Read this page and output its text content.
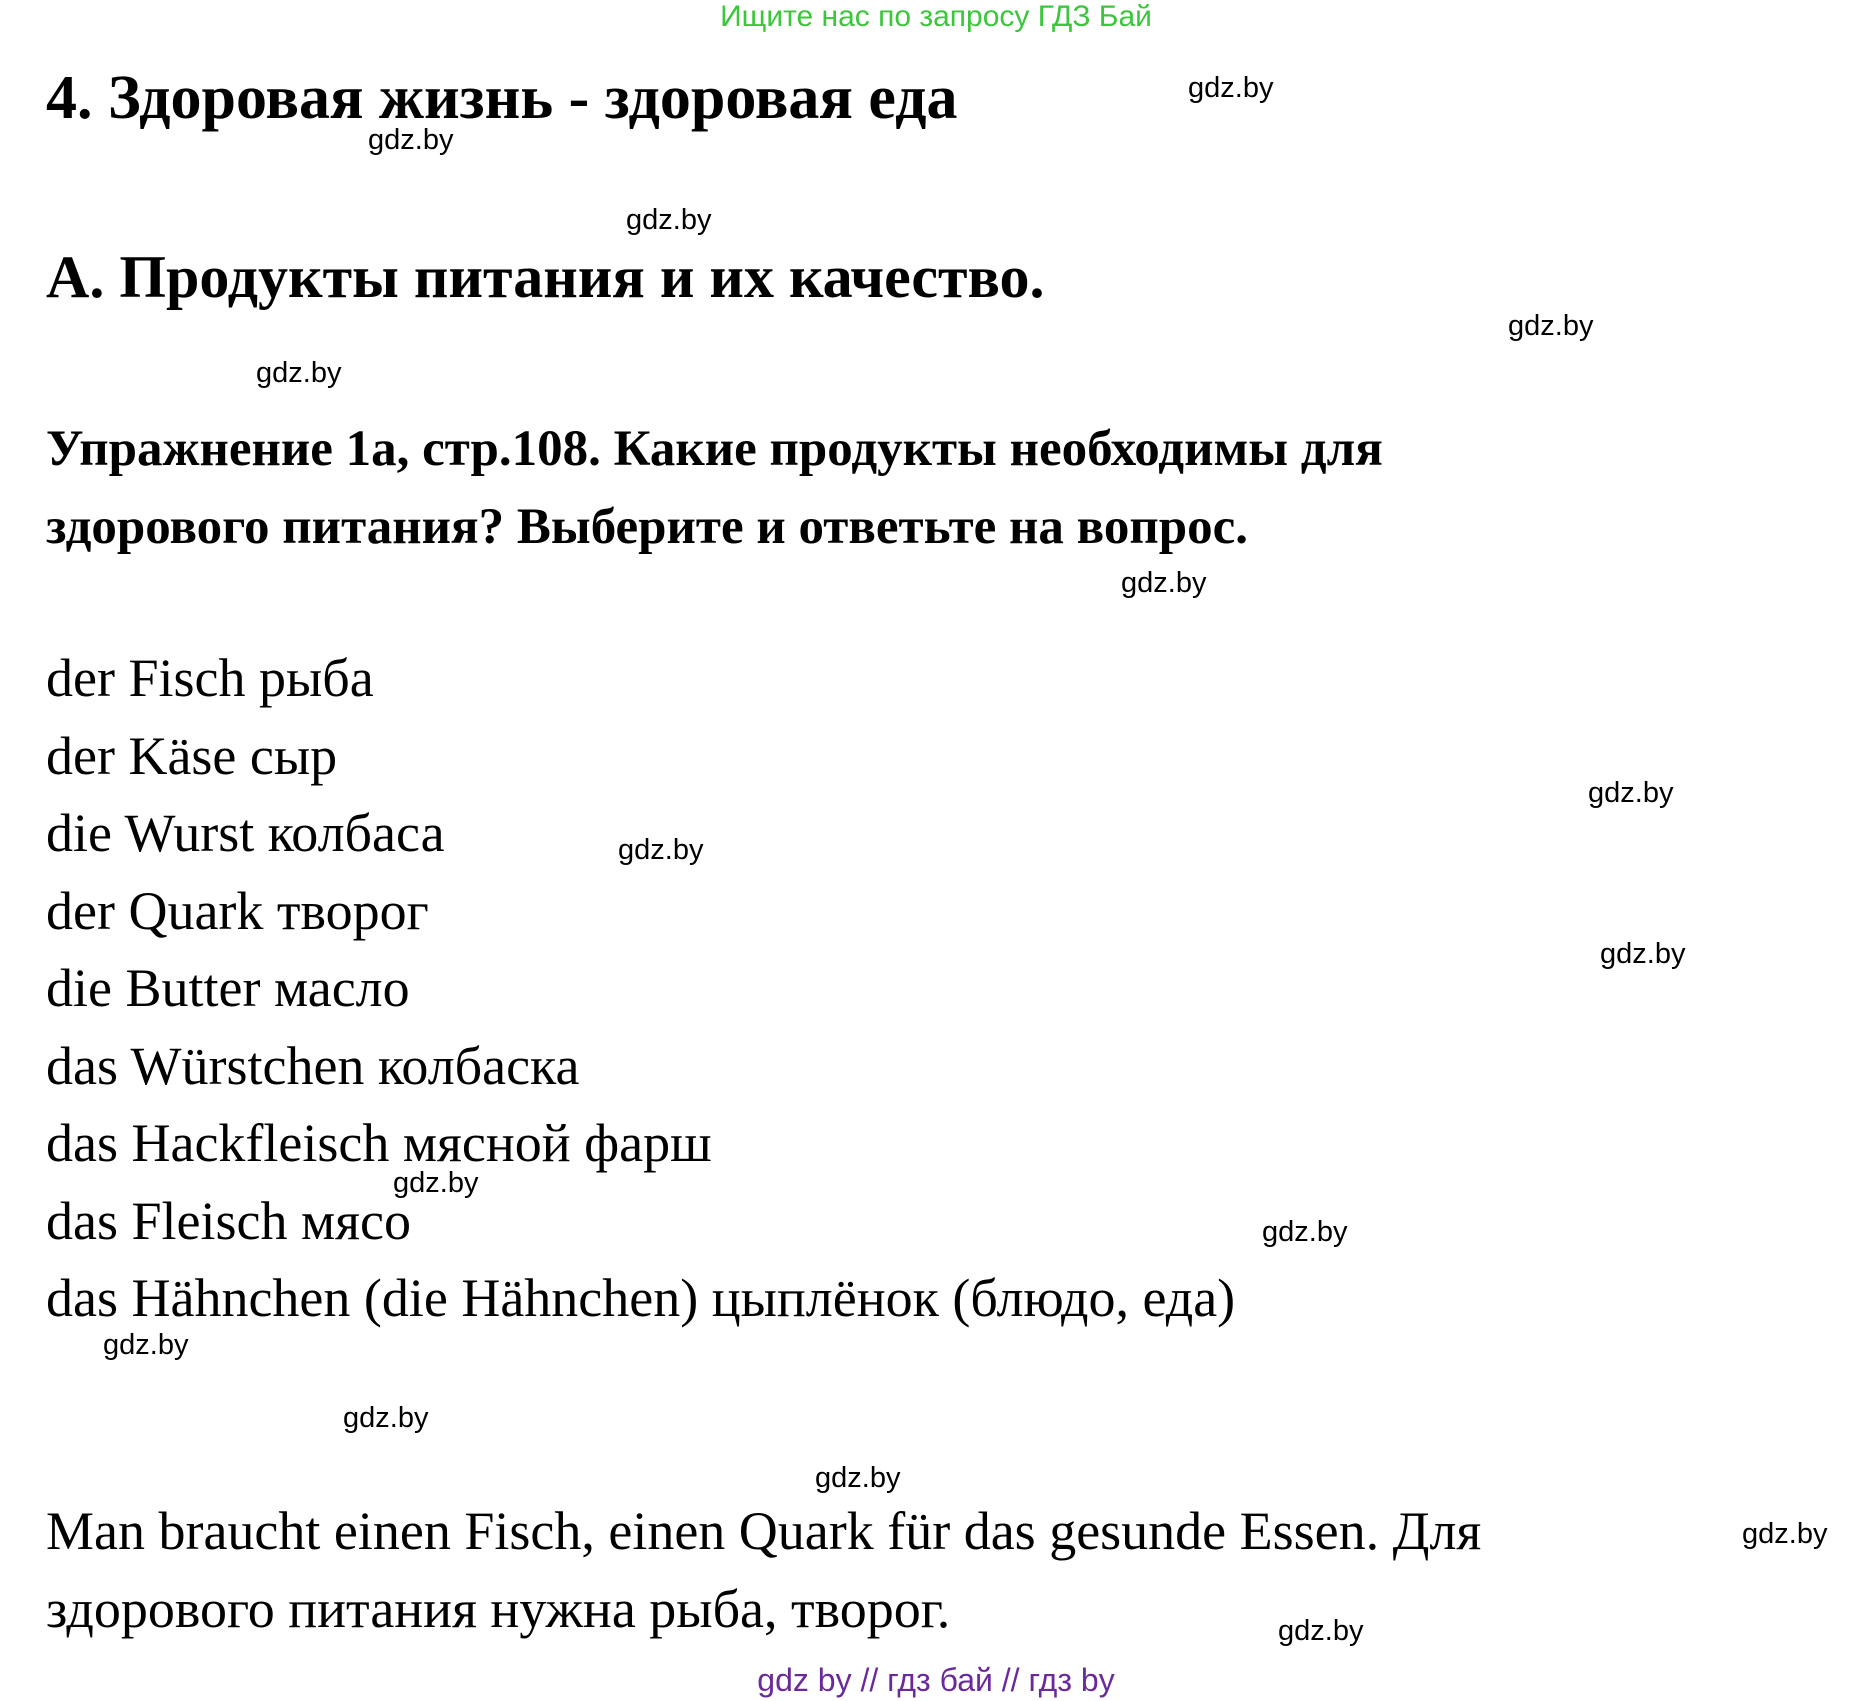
Ищите нас по запросу ГДЗ Бай
4. Здоровая жизнь - здоровая еда
A. Продукты питания и их качество.
Упражнение 1а, стр.108. Какие продукты необходимы для
здорового питания? Выберите и ответьте на вопрос.
der Fisch рыба
der Käse сыр
die Wurst колбаса
der Quark творог
die Butter масло
das Würstchen колбаска
das Hackfleisch мясной фарш
das Fleisch мясо
das Hähnchen (die Hähnchen) цыплёнок (блюдо, еда)
Man braucht einen Fisch, einen Quark für das gesunde Essen. Для
здорового питания нужна рыба, творог.
gdz.by
gdz.by
gdz.by
gdz.by
gdz.by
gdz.by
gdz.by
gdz.by
gdz.by
gdz.by
gdz.by
gdz.by
gdz.by
gdz.by
gdz.by
gdz.by
gdz by // гдз бай // гдз by
